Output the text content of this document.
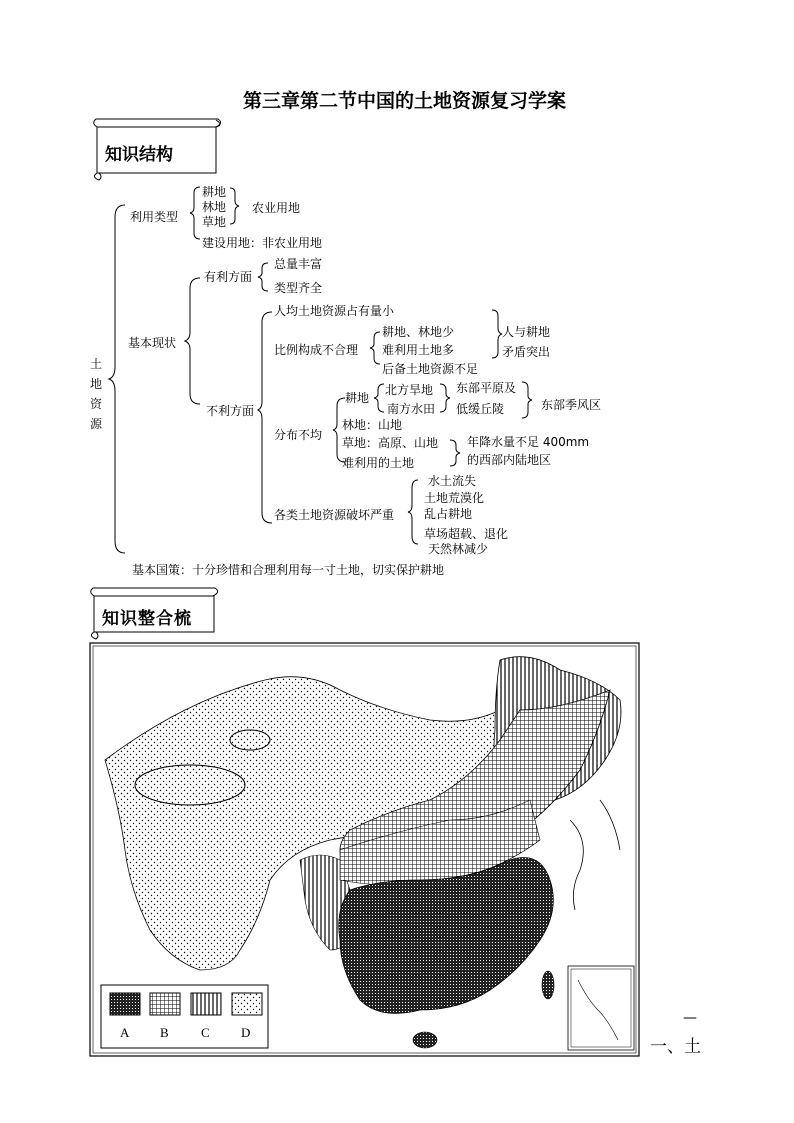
第三章第二节中国的土地资源复习学案
知识结构
知识整合梳
土
地
资
源
利用类型
耕地
林地
草地
农业用地
建设用地：非农业用地
基本现状
有利方面
总量丰富
类型齐全
不利方面
人均土地资源占有量小
比例构成不合理
耕地、林地少
难利用土地多
后备土地资源不足
人与耕地
矛盾突出
分布不均
耕地
北方旱地
南方水田
东部平原及
低缓丘陵	东部季风区
林地：山地
草地：高原、山地
难利用的土地
年降水量不足 400mm
的西部内陆地区
各类土地资源破坏严重
水土流失
土地荒漠化
乱占耕地
草场超载、退化
天然林减少
基本国策：十分珍惜和合理利用每一寸土地，切实保护耕地
A B C D
—
一、土
